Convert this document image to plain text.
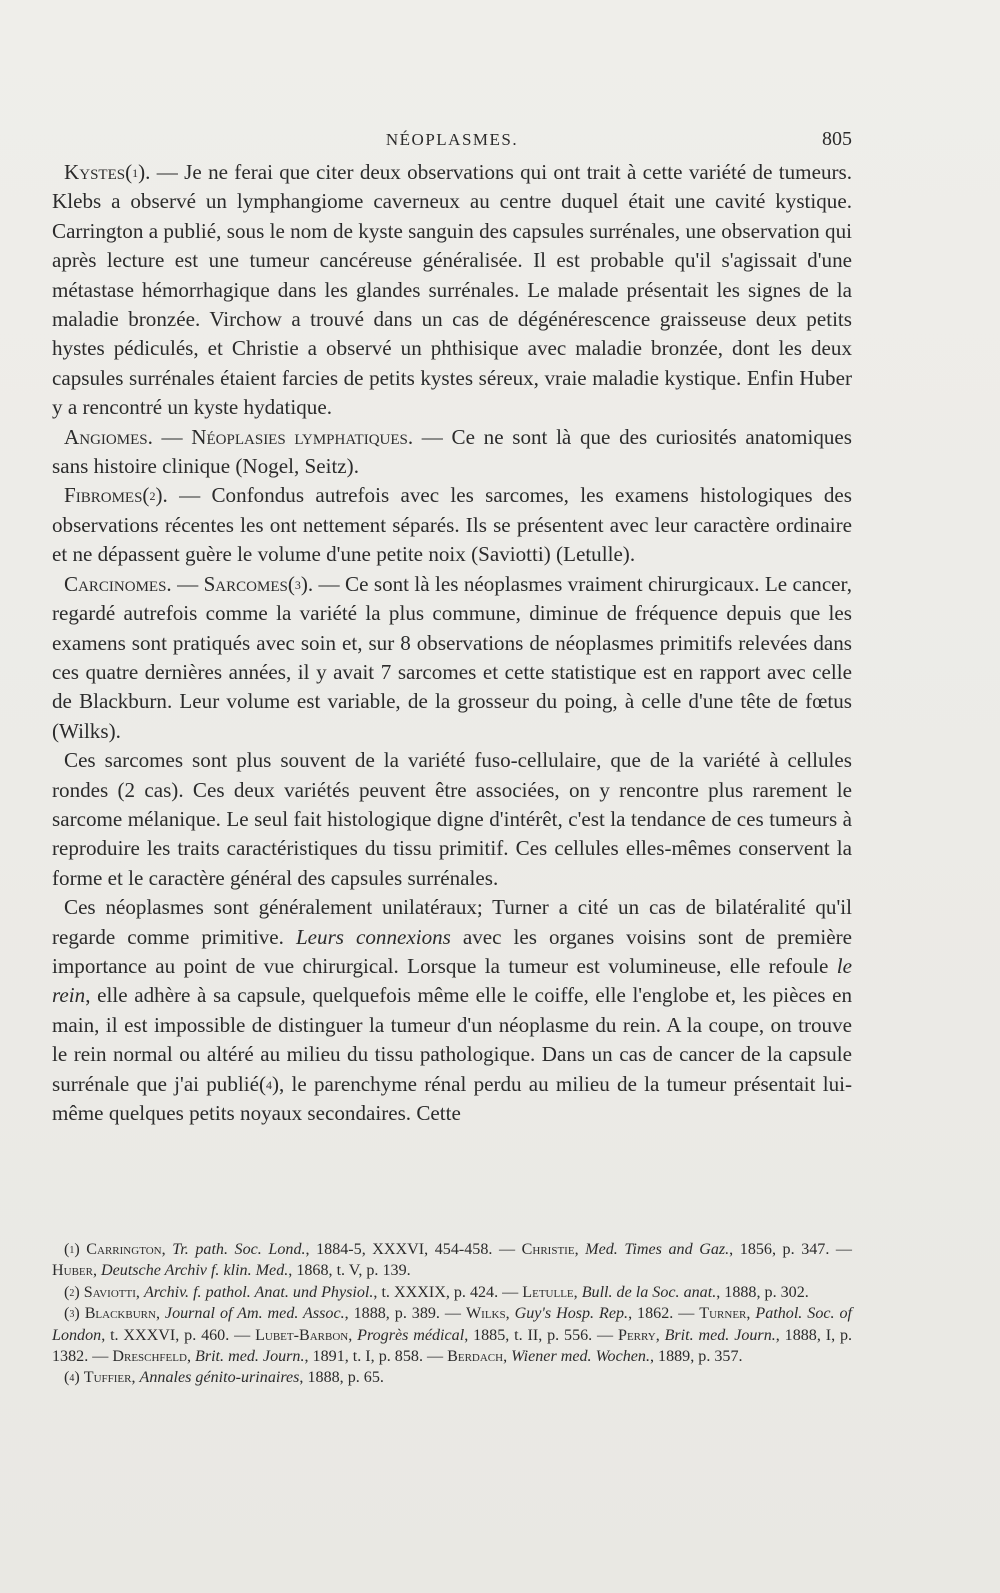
NÉOPLASMES.	805

Kystes($^1$). — Je ne ferai que citer deux observations qui ont trait à cette variété de tumeurs. Klebs a observé un lymphangiome caverneux au centre duquel était une cavité kystique. Carrington a publié, sous le nom de kyste sanguin des capsules surrénales, une observation qui après lecture est une tumeur cancéreuse généralisée. Il est probable qu'il s'agissait d'une métastase hémorrhagique dans les glandes surrénales. Le malade présentait les signes de la maladie bronzée. Virchow a trouvé dans un cas de dégénérescence graisseuse deux petits hystes pédiculés, et Christie a observé un phthisique avec maladie bronzée, dont les deux capsules surrénales étaient farcies de petits kystes séreux, vraie maladie kystique. Enfin Huber y a rencontré un kyste hydatique.

Angiomes. — Néoplasies lymphatiques. — Ce ne sont là que des curiosités anatomiques sans histoire clinique (Nogel, Seitz).

Fibromes($^2$). — Confondus autrefois avec les sarcomes, les examens histologiques des observations récentes les ont nettement séparés. Ils se présentent avec leur caractère ordinaire et ne dépassent guère le volume d'une petite noix (Saviotti) (Letulle).

Carcinomes. — Sarcomes($^3$). — Ce sont là les néoplasmes vraiment chirurgicaux. Le cancer, regardé autrefois comme la variété la plus commune, diminue de fréquence depuis que les examens sont pratiqués avec soin et, sur 8 observations de néoplasmes primitifs relevées dans ces quatre dernières années, il y avait 7 sarcomes et cette statistique est en rapport avec celle de Blackburn. Leur volume est variable, de la grosseur du poing, à celle d'une tête de fœtus (Wilks).

Ces sarcomes sont plus souvent de la variété fuso-cellulaire, que de la variété à cellules rondes (2 cas). Ces deux variétés peuvent être associées, on y rencontre plus rarement le sarcome mélanique. Le seul fait histologique digne d'intérêt, c'est la tendance de ces tumeurs à reproduire les traits caractéristiques du tissu primitif. Ces cellules elles-mêmes conservent la forme et le caractère général des capsules surrénales.

Ces néoplasmes sont généralement unilatéraux; Turner a cité un cas de bilatéralité qu'il regarde comme primitive. Leurs connexions avec les organes voisins sont de première importance au point de vue chirurgical. Lorsque la tumeur est volumineuse, elle refoule le rein, elle adhère à sa capsule, quelquefois même elle le coiffe, elle l'englobe et, les pièces en main, il est impossible de distinguer la tumeur d'un néoplasme du rein. A la coupe, on trouve le rein normal ou altéré au milieu du tissu pathologique. Dans un cas de cancer de la capsule surrénale que j'ai publié($^4$), le parenchyme rénal perdu au milieu de la tumeur présentait lui-même quelques petits noyaux secondaires. Cette

($^1$) Carrington, Tr. path. Soc. Lond., 1884-5, XXXVI, 454-458. — Christie, Med. Times and Gaz., 1856, p. 347. — Huber, Deutsche Archiv f. klin. Med., 1868, t. V, p. 139.

($^2$) Saviotti, Archiv. f. pathol. Anat. und Physiol., t. XXXIX, p. 424. — Letulle, Bull. de la Soc. anat., 1888, p. 302.

($^3$) Blackburn, Journal of Am. med. Assoc., 1888, p. 389. — Wilks, Guy's Hosp. Rep., 1862. — Turner, Pathol. Soc. of London, t. XXXVI, p. 460. — Lubet-Barbon, Progrès médical, 1885, t. II, p. 556. — Perry, Brit. med. Journ., 1888, I, p. 1382. — Dreschfeld, Brit. med. Journ., 1891, t. I, p. 858. — Berdach, Wiener med. Wochen., 1889, p. 357.

($^4$) Tuffier, Annales génito-urinaires, 1888, p. 65.
